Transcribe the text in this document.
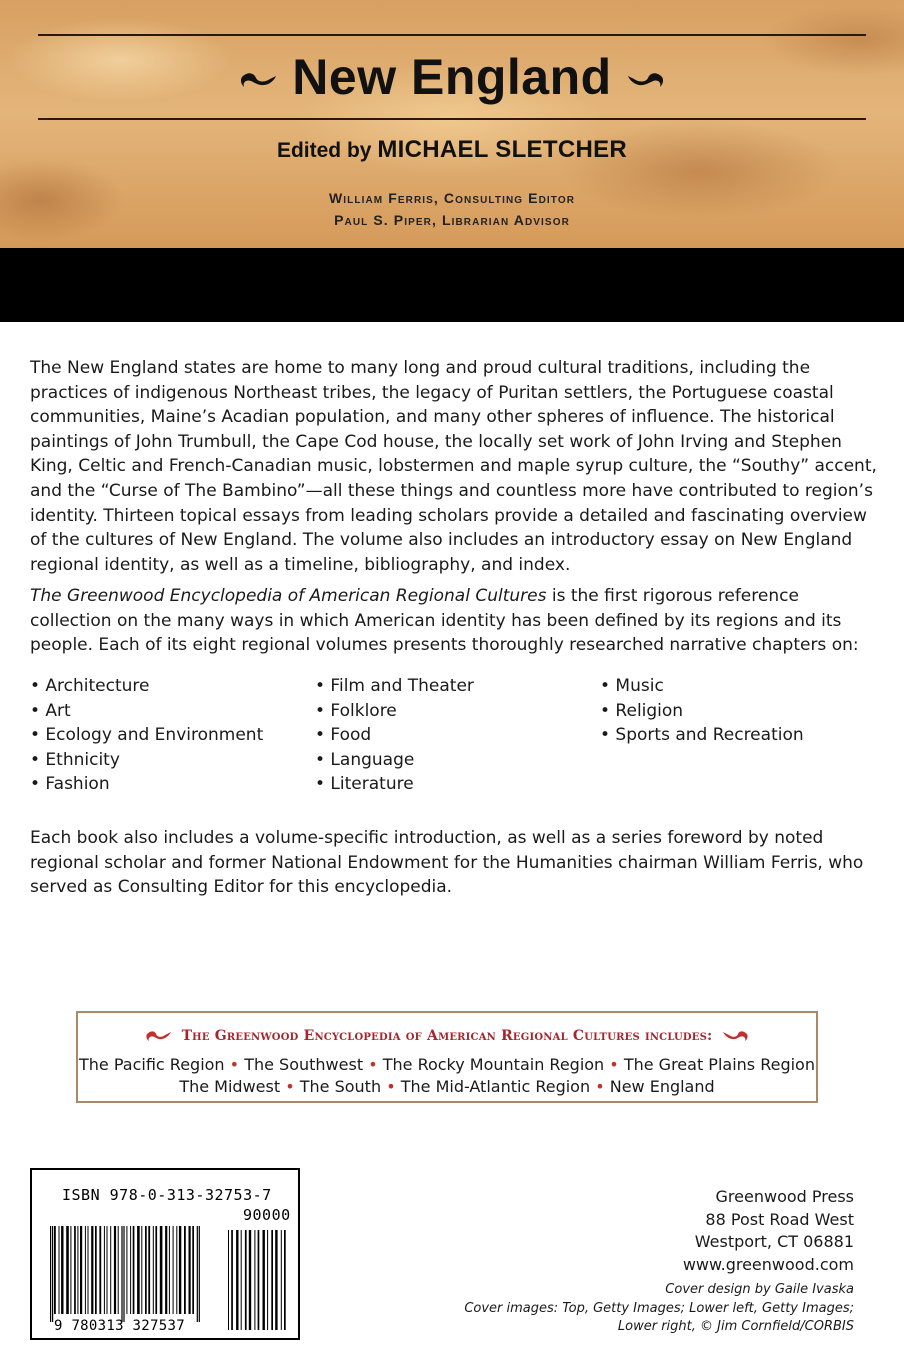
New England
Edited by MICHAEL SLETCHER
William Ferris, Consulting Editor
Paul S. Piper, Librarian Advisor

The New England states are home to many long and proud cultural traditions, including the practices of indigenous Northeast tribes, the legacy of Puritan settlers, the Portuguese coastal communities, Maine’s Acadian population, and many other spheres of influence. The historical paintings of John Trumbull, the Cape Cod house, the locally set work of John Irving and Stephen King, Celtic and French-Canadian music, lobstermen and maple syrup culture, the “Southy” accent, and the “Curse of The Bambino”—all these things and countless more have contributed to region’s identity. Thirteen topical essays from leading scholars provide a detailed and fascinating overview of the cultures of New England. The volume also includes an introductory essay on New England regional identity, as well as a timeline, bibliography, and index.

The Greenwood Encyclopedia of American Regional Cultures is the first rigorous reference collection on the many ways in which American identity has been defined by its regions and its people. Each of its eight regional volumes presents thoroughly researched narrative chapters on:

• Architecture
• Art
• Ecology and Environment
• Ethnicity
• Fashion
• Film and Theater
• Folklore
• Food
• Language
• Literature
• Music
• Religion
• Sports and Recreation

Each book also includes a volume-specific introduction, as well as a series foreword by noted regional scholar and former National Endowment for the Humanities chairman William Ferris, who served as Consulting Editor for this encyclopedia.

The Greenwood Encyclopedia of American Regional Cultures includes:
The Pacific Region • The Southwest • The Rocky Mountain Region • The Great Plains Region
The Midwest • The South • The Mid-Atlantic Region • New England
ISBN 978-0-313-32753-7
90000
9 780313 327537
Greenwood Press
88 Post Road West
Westport, CT 06881
www.greenwood.com
Cover design by Gaile Ivaska
Cover images: Top, Getty Images; Lower left, Getty Images;
Lower right, © Jim Cornfield/CORBIS
